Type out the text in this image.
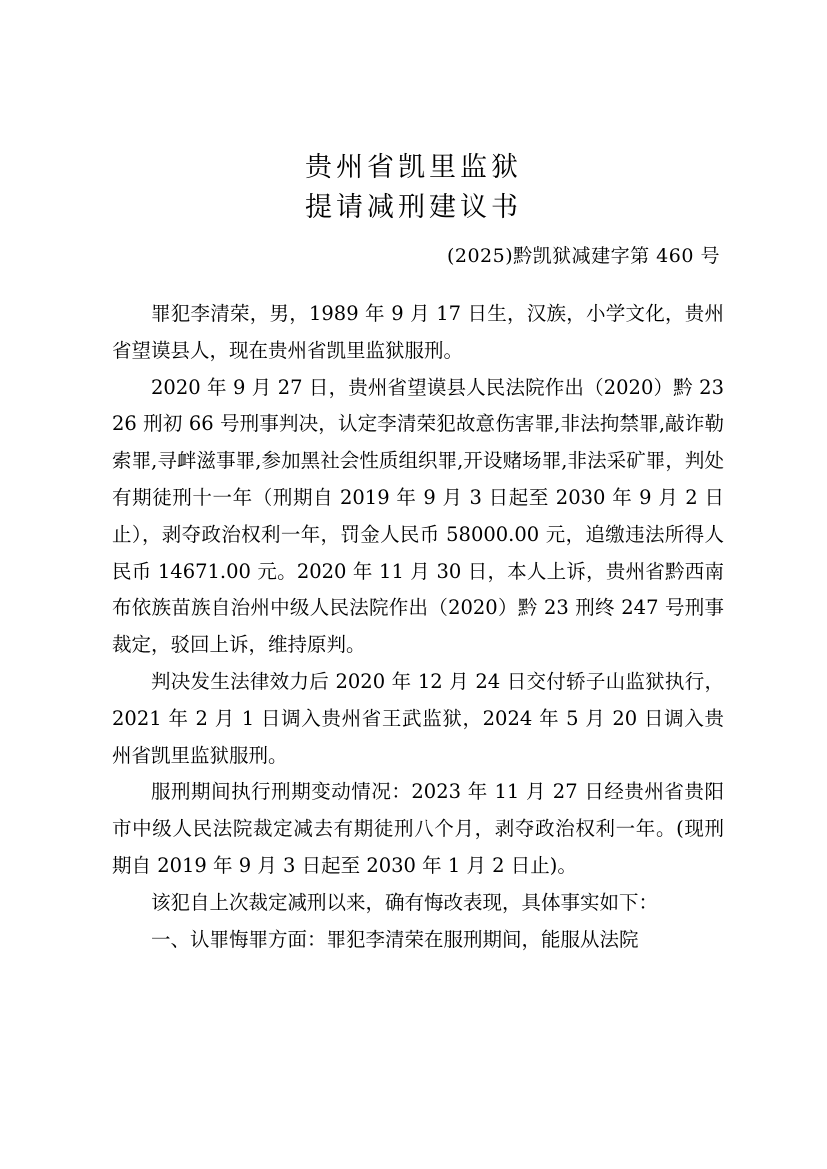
贵州省凯里监狱
提请减刑建议书
(2025)黔凯狱减建字第 460 号

罪犯李清荣，男，1989 年 9 月 17 日生，汉族，小学文化，贵州省望谟县人，现在贵州省凯里监狱服刑。

2020 年 9 月 27 日，贵州省望谟县人民法院作出（2020）黔 2326 刑初 66 号刑事判决，认定李清荣犯故意伤害罪,非法拘禁罪,敲诈勒索罪,寻衅滋事罪,参加黑社会性质组织罪,开设赌场罪,非法采矿罪，判处有期徒刑十一年（刑期自 2019 年 9 月 3 日起至 2030 年 9 月 2 日止），剥夺政治权利一年，罚金人民币 58000.00 元，追缴违法所得人民币 14671.00 元。2020 年 11 月 30 日，本人上诉，贵州省黔西南布依族苗族自治州中级人民法院作出（2020）黔 23 刑终 247 号刑事裁定，驳回上诉，维持原判。

判决发生法律效力后 2020 年 12 月 24 日交付轿子山监狱执行，2021 年 2 月 1 日调入贵州省王武监狱，2024 年 5 月 20 日调入贵州省凯里监狱服刑。

服刑期间执行刑期变动情况：2023 年 11 月 27 日经贵州省贵阳市中级人民法院裁定减去有期徒刑八个月，剥夺政治权利一年。(现刑期自 2019 年 9 月 3 日起至 2030 年 1 月 2 日止)。

该犯自上次裁定减刑以来，确有悔改表现，具体事实如下：

一、认罪悔罪方面：罪犯李清荣在服刑期间，能服从法院
